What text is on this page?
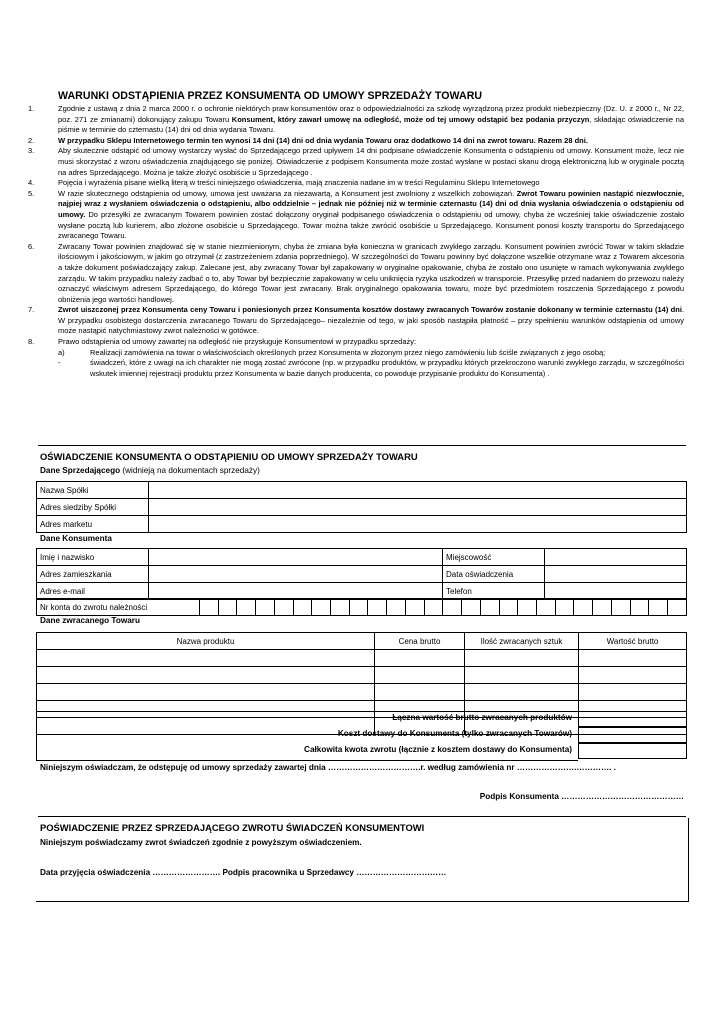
WARUNKI ODSTĄPIENIA PRZEZ KONSUMENTA OD UMOWY SPRZEDAŻY TOWARU
1.	Zgodnie z ustawą z dnia 2 marca 2000 r. o ochronie niektórych praw konsumentów oraz o odpowiedzialności za szkodę wyrządzoną przez produkt niebezpieczny (Dz. U. z 2000 r., Nr 22, poz. 271 ze zmianami) dokonujący zakupu Towaru Konsument, który zawarł umowę na odległość, może od tej umowy odstąpić bez podania przyczyn, składając oświadczenie na piśmie w terminie do czternastu (14) dni od dnia wydania Towaru.
2.	W przypadku Sklepu Internetowego termin ten wynosi 14 dni (14) dni od dnia wydania Towaru oraz dodatkowo 14 dni na zwrot towaru. Razem 28 dni.
3.	Aby skutecznie odstąpić od umowy wystarczy wysłać do Sprzedającego przed upływem 14 dni podpisane oświadczenie Konsumenta o odstąpieniu od umowy. Konsument może, lecz nie musi skorzystać z wzoru oświadczenia znajdującego się poniżej. Oświadczenie z podpisem Konsumenta może zostać wysłane w postaci skanu drogą elektroniczną lub w oryginale pocztą na adres Sprzedającego. Można je także złożyć osobiście u Sprzedającego .
4.	Pojęcia i wyrażenia pisane wielką literą w treści niniejszego oświadczenia, mają znaczenia nadane im w treści Regulaminu Sklepu Internetowego
5.	W razie skutecznego odstąpienia od umowy, umowa jest uważana za niezawartą, a Konsument jest zwolniony z wszelkich zobowiązań. Zwrot Towaru powinien nastąpić niezwłocznie, najpiej wraz z wysłaniem oświadczenia o odstąpieniu, albo oddzielnie – jednak nie później niż w terminie czternastu (14) dni od dnia wysłania oświadczenia o odstąpieniu od umowy. Do przesyłki ze zwracanym Towarem powinien zostać dołączony oryginał podpisanego oświadczenia o odstąpieniu od umowy, chyba że wcześniej takie oświadczenie zostało wysłane pocztą lub kurierem, albo złożone osobiście u Sprzedającego. Towar można także zwrócić osobiście u Sprzedającego. Konsument ponosi koszty transportu do Sprzedającego zwracanego Towaru.
6.	Zwracany Towar powinien znajdować się w stanie niezmienionym, chyba że zmiana była konieczna w granicach zwykłego zarządu. Konsument powinien zwrócić Towar w takim składzie ilościowym i jakościowym, w jakim go otrzymał (z zastrzeżeniem zdania poprzedniego). W szczególności do Towaru powinny być dołączone wszelkie otrzymane wraz z Towarem akcesoria a także dokument poświadczający zakup. Zalecane jest, aby zwracany Towar był zapakowany w oryginalne opakowanie, chyba że zostało ono usunięte w ramach wykonywania zwykłego zarządu. W takim przypadku należy zadbać o to, aby Towar był bezpiecznie zapakowany w celu uniknięcia ryzyka uszkodzeń w transporcie. Przesyłkę przed nadaniem do przewozu należy oznaczyć właściwym adresem Sprzedającego, do którego Towar jest zwracany. Brak oryginalnego opakowania towaru, może być przedmiotem roszczenia Sprzedającego z powodu obniżenia jego wartości handlowej.
7.	Zwrot uiszczonej przez Konsumenta ceny Towaru i poniesionych przez Konsumenta kosztów dostawy zwracanych Towarów zostanie dokonany w terminie czternastu (14) dni. W przypadku osobistego dostarczenia zwracanego Towaru do Sprzedającego– niezależnie od tego, w jaki sposób nastąpiła płatność – przy spełnieniu warunków odstąpienia od umowy może nastąpić natychmiastowy zwrot należności w gotówce.
8.	Prawo odstąpienia od umowy zawartej na odległość nie przysługuje Konsumentowi w przypadku sprzedaży:
a)	Realizacji zamówienia na towar o właściwościach określonych przez Konsumenta w złożonym przez niego zamówieniu lub ściśle związanych z jego osobą;
-	świadczeń, które z uwagi na ich charakter nie mogą zostać zwrócone (np. w przypadku produktów, w przypadku których przekroczono warunki zwykłego zarządu, w szczególności wskutek imiennej rejestracji produktu przez Konsumenta w bazie danych producenta, co powoduje przypisanie produktu do Konsumenta) .
OŚWIADCZENIE KONSUMENTA O ODSTĄPIENIU OD UMOWY SPRZEDAŻY TOWARU
Dane Sprzedającego (widnieją na dokumentach sprzedaży)
Nazwa Spółki	
Adres siedziby Spółki	
Adres marketu	
Dane Konsumenta
Imię i nazwisko		Miejscowość	
Adres zamieszkania		Data oświadczenia	
Adres e-mail		Telefon	
Nr konta do zwrotu należności																										
Dane zwracanego Towaru
Nazwa produktu	Cena brutto	Ilość zwracanych sztuk	Wartość brutto

Łączna wartość brutto zwracanych produktów
Koszt dostawy do Konsumenta (tylko zwracanych Towarów)
Całkowita kwota zwrotu (łącznie z kosztem dostawy do Konsumenta)
Niniejszym oświadczam, że odstępuję od umowy sprzedaży zawartej dnia …………………………….r. według zamówienia nr ………………….…………. .
Podpis Konsumenta ………………………………………
POŚWIADCZENIE PRZEZ SPRZEDAJĄCEGO ZWROTU ŚWIADCZEŃ KONSUMENTOWI
Niniejszym poświadczamy zwrot świadczeń zgodnie z powyższym oświadczeniem.
Data przyjęcia oświadczenia ……………………. Podpis pracownika u Sprzedawcy ……………………………
